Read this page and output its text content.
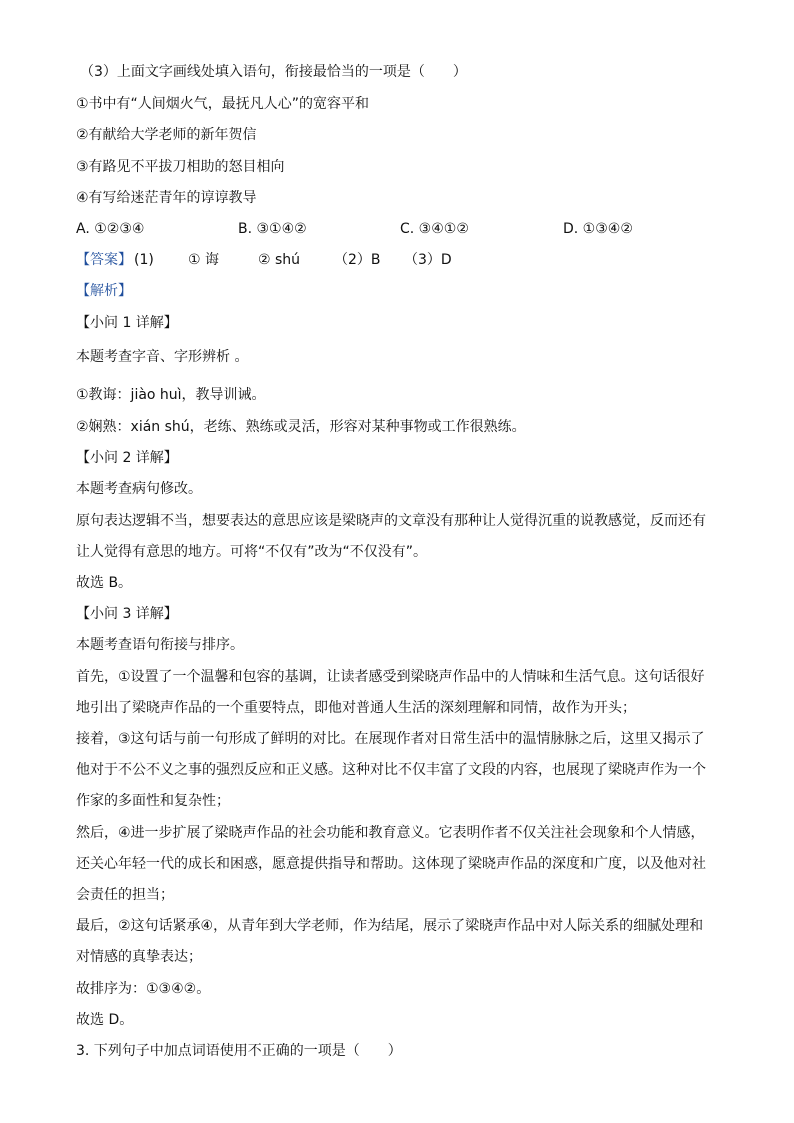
（3）上面文字画线处填入语句，衔接最恰当的一项是（　　）
①书中有“人间烟火气，最抚凡人心”的宽容平和
②有献给大学老师的新年贺信
③有路见不平拔刀相助的怒目相向
④有写给迷茫青年的谆谆教导
A. ①②③④	B. ③①④②	C. ③④①②	D. ①③④②
【答案】 (1) ① 诲	② shú （2）B （3）D
【解析】
【小问 1 详解】
本题考查字音、字形辨析 。
①教诲：jiào huì，教导训诫。
②娴熟：xián shú，老练、熟练或灵活，形容对某种事物或工作很熟练。
【小问 2 详解】
本题考查病句修改。
原句表达逻辑不当，想要表达的意思应该是梁晓声的文章没有那种让人觉得沉重的说教感觉，反而还有
让人觉得有意思的地方。可将“不仅有”改为“不仅没有”。
故选 B。
【小问 3 详解】
本题考查语句衔接与排序。
首先，①设置了一个温馨和包容的基调，让读者感受到梁晓声作品中的人情味和生活气息。这句话很好
地引出了梁晓声作品的一个重要特点，即他对普通人生活的深刻理解和同情，故作为开头；
接着，③这句话与前一句形成了鲜明的对比。在展现作者对日常生活中的温情脉脉之后，这里又揭示了
他对于不公不义之事的强烈反应和正义感。这种对比不仅丰富了文段的内容，也展现了梁晓声作为一个
作家的多面性和复杂性；
然后，④进一步扩展了梁晓声作品的社会功能和教育意义。它表明作者不仅关注社会现象和个人情感，
还关心年轻一代的成长和困惑，愿意提供指导和帮助。这体现了梁晓声作品的深度和广度，以及他对社
会责任的担当；
最后，②这句话紧承④，从青年到大学老师，作为结尾，展示了梁晓声作品中对人际关系的细腻处理和
对情感的真挚表达；
故排序为：①③④②。
故选 D。
3. 下列句子中加点词语使用不正确的一项是（　　）
